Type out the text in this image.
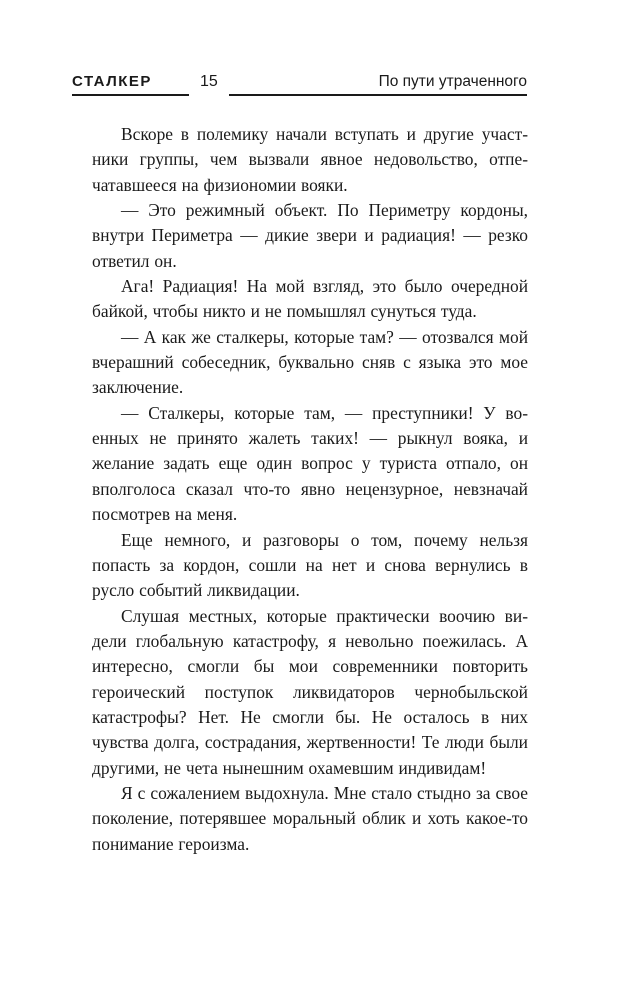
СТАЛКЕР	15	По пути утраченного

Вскоре в полемику начали вступать и другие участники группы, чем вызвали явное недовольство, отпечатавшееся на физиономии вояки.

— Это режимный объект. По Периметру кордоны, внутри Периметра — дикие звери и радиация! — резко ответил он.

Ага! Радиация! На мой взгляд, это было очередной байкой, чтобы никто и не помышлял сунуться туда.

— А как же сталкеры, которые там? — отозвался мой вчерашний собеседник, буквально сняв с языка это мое заключение.

— Сталкеры, которые там, — преступники! У военных не принято жалеть таких! — рыкнул вояка, и желание задать еще один вопрос у туриста отпало, он вполголоса сказал что-то явно нецензурное, невзначай посмотрев на меня.

Еще немного, и разговоры о том, почему нельзя попасть за кордон, сошли на нет и снова вернулись в русло событий ликвидации.

Слушая местных, которые практически воочию видели глобальную катастрофу, я невольно поежилась. А интересно, смогли бы мои современники повторить героический поступок ликвидаторов чернобыльской катастрофы? Нет. Не смогли бы. Не осталось в них чувства долга, сострадания, жертвенности! Те люди были другими, не чета нынешним охамевшим индивидам!

Я с сожалением выдохнула. Мне стало стыдно за свое поколение, потерявшее моральный облик и хоть какое-то понимание героизма.
